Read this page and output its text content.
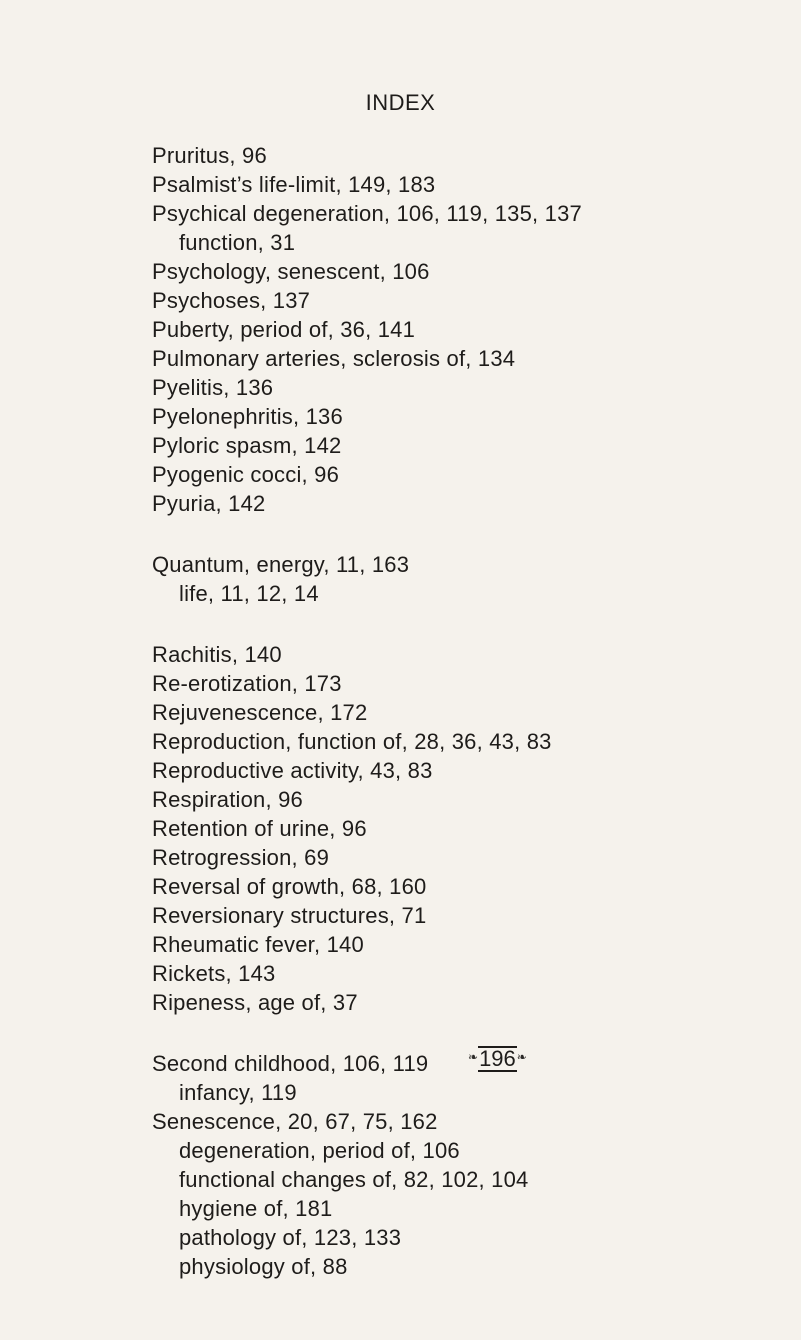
INDEX
Pruritus, 96
Psalmist’s life-limit, 149, 183
Psychical degeneration, 106, 119, 135, 137
function, 31
Psychology, senescent, 106
Psychoses, 137
Puberty, period of, 36, 141
Pulmonary arteries, sclerosis of, 134
Pyelitis, 136
Pyelonephritis, 136
Pyloric spasm, 142
Pyogenic cocci, 96
Pyuria, 142
Quantum, energy, 11, 163
life, 11, 12, 14
Rachitis, 140
Re-erotization, 173
Rejuvenescence, 172
Reproduction, function of, 28, 36, 43, 83
Reproductive activity, 43, 83
Respiration, 96
Retention of urine, 96
Retrogression, 69
Reversal of growth, 68, 160
Reversionary structures, 71
Rheumatic fever, 140
Rickets, 143
Ripeness, age of, 37
Second childhood, 106, 119
infancy, 119
Senescence, 20, 67, 75, 162
degeneration, period of, 106
functional changes of, 82, 102, 104
hygiene of, 181
pathology of, 123, 133
physiology of, 88
❧196❧
